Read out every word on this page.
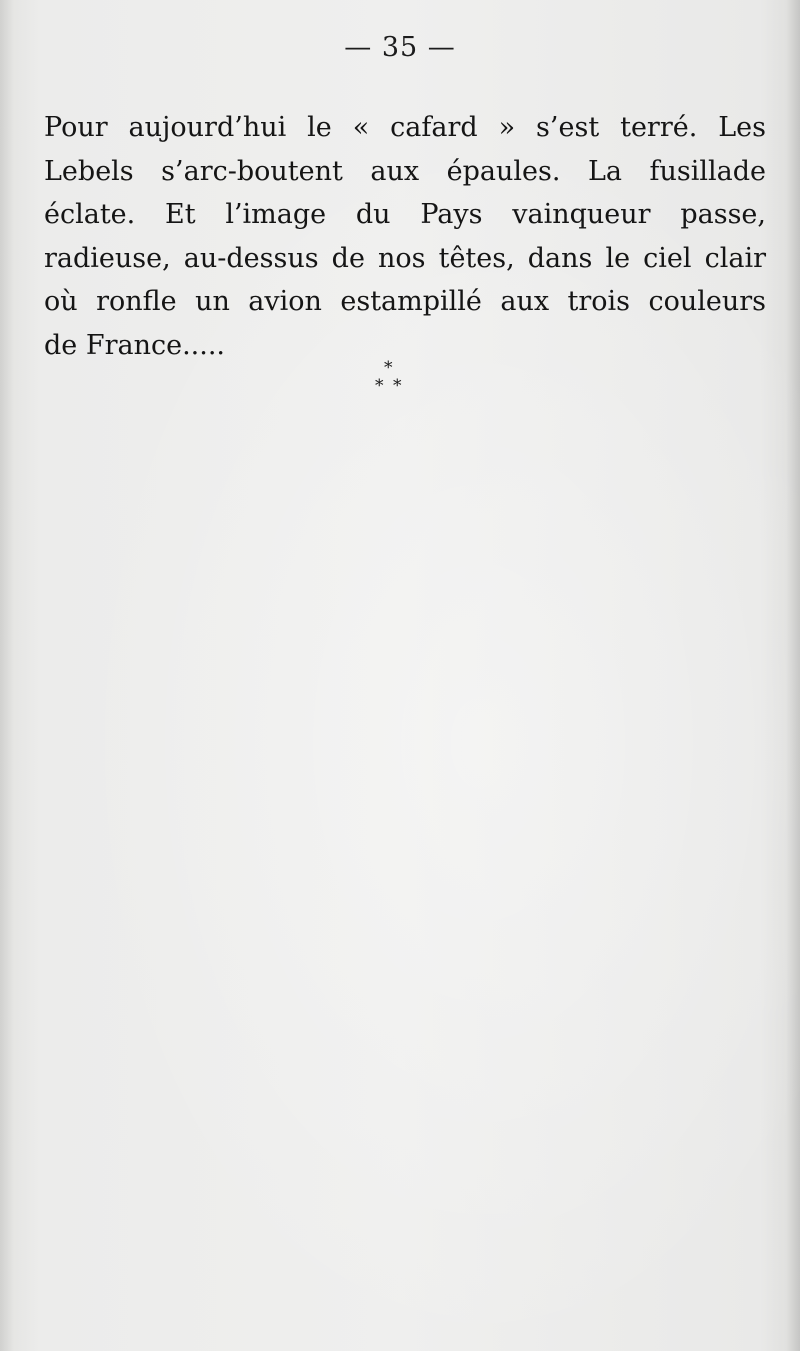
— 35 —

Pour aujourd’hui le « cafard » s’est terré. Les
Lebels s’arc-boutent aux épaules. La fusillade
éclate. Et l’image du Pays vainqueur passe,
radieuse, au-dessus de nos têtes, dans le ciel clair
où ronfle un avion estampillé aux trois couleurs
de France.....

*
* *
